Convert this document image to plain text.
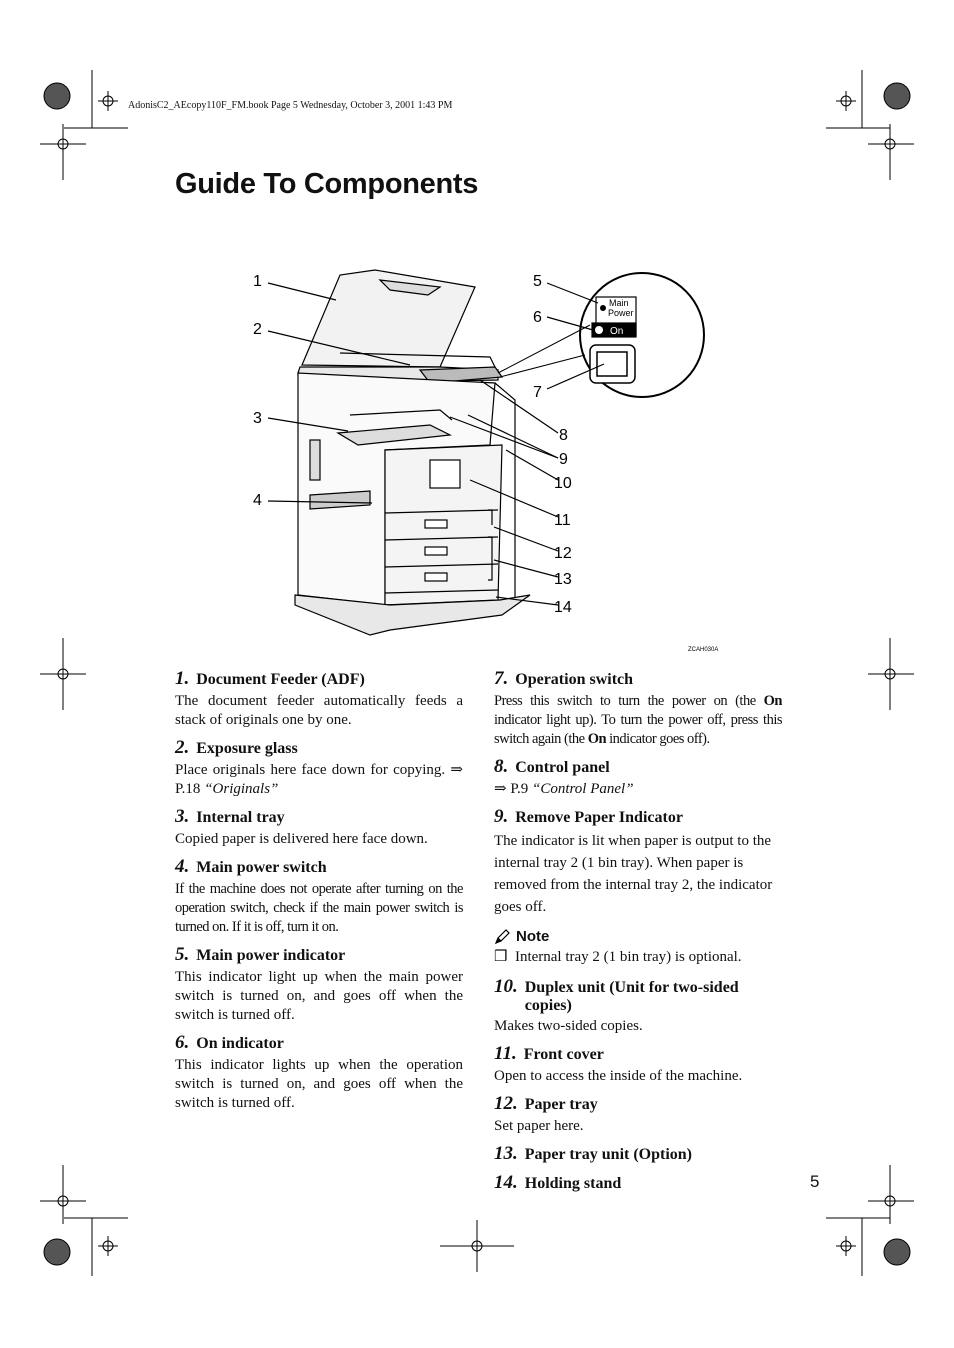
AdonisC2_AEcopy110F_FM.book Page 5 Wednesday, October 3, 2001 1:43 PM
Guide To Components
Main
Power
On
1
2
3
4
5
6
7
8
9
10
11
12
13
14
ZCAH030A
1. Document Feeder (ADF)
The document feeder automatically feeds a stack of originals one by one.
2. Exposure glass
Place originals here face down for copying. ⇒ P.18 “Originals”
3. Internal tray
Copied paper is delivered here face down.
4. Main power switch
If the machine does not operate after turning on the operation switch, check if the main power switch is turned on. If it is off, turn it on.
5. Main power indicator
This indicator light up when the main power switch is turned on, and goes off when the switch is turned off.
6. On indicator
This indicator lights up when the operation switch is turned on, and goes off when the switch is turned off.
7. Operation switch
Press this switch to turn the power on (the On indicator light up). To turn the power off, press this switch again (the On indicator goes off).
8. Control panel
⇒ P.9 “Control Panel”
9. Remove Paper Indicator
The indicator is lit when paper is output to the internal tray 2 (1 bin tray). When paper is removed from the internal tray 2, the indicator goes off.
Note
❒ Internal tray 2 (1 bin tray) is optional.
10. Duplex unit (Unit for two-sided copies)
Makes two-sided copies.
11. Front cover
Open to access the inside of the machine.
12. Paper tray
Set paper here.
13. Paper tray unit (Option)
14. Holding stand	5
